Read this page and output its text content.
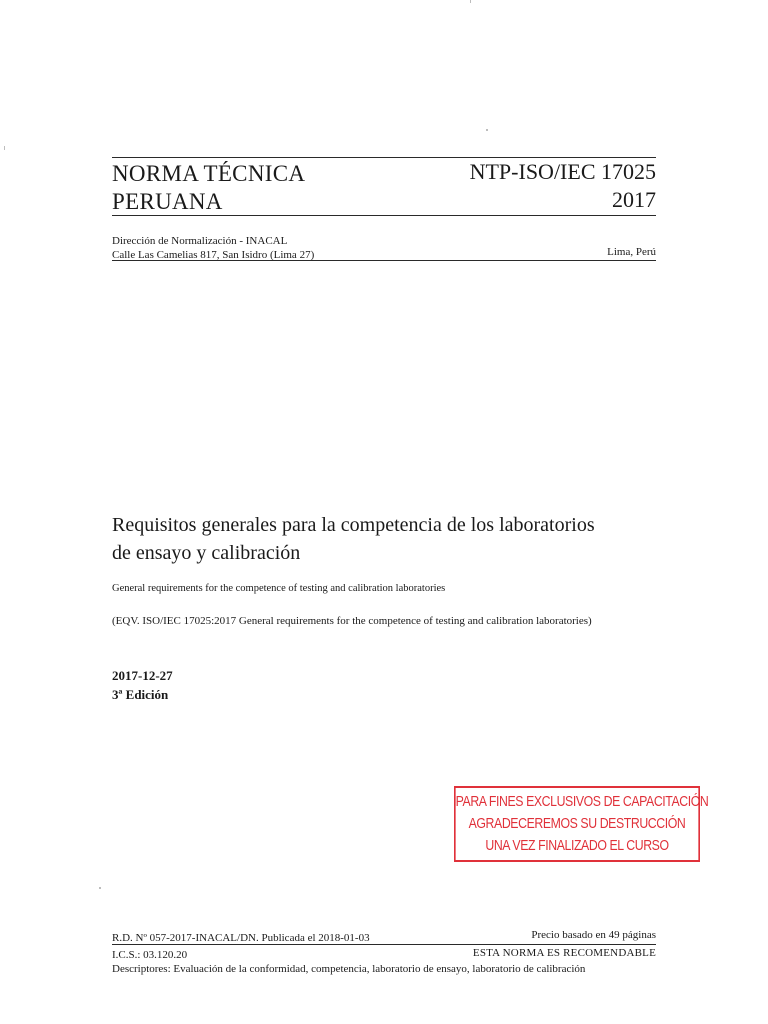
NORMA TÉCNICA
PERUANA
NTP-ISO/IEC 17025
2017
Dirección de Normalización - INACAL
Calle Las Camelias 817, San Isidro (Lima 27)	Lima, Perú
Requisitos generales para la competencia de los laboratorios
de ensayo y calibración
General requirements for the competence of testing and calibration laboratories
(EQV. ISO/IEC 17025:2017 General requirements for the competence of testing and calibration laboratories)
2017-12-27
3ª Edición
PARA FINES EXCLUSIVOS DE CAPACITACIÓN
AGRADECEREMOS SU DESTRUCCIÓN
UNA VEZ FINALIZADO EL CURSO
R.D. Nº 057-2017-INACAL/DN. Publicada el 2018-01-03	Precio basado en 49 páginas
I.C.S.: 03.120.20	ESTA NORMA ES RECOMENDABLE
Descriptores: Evaluación de la conformidad, competencia, laboratorio de ensayo, laboratorio de calibración
